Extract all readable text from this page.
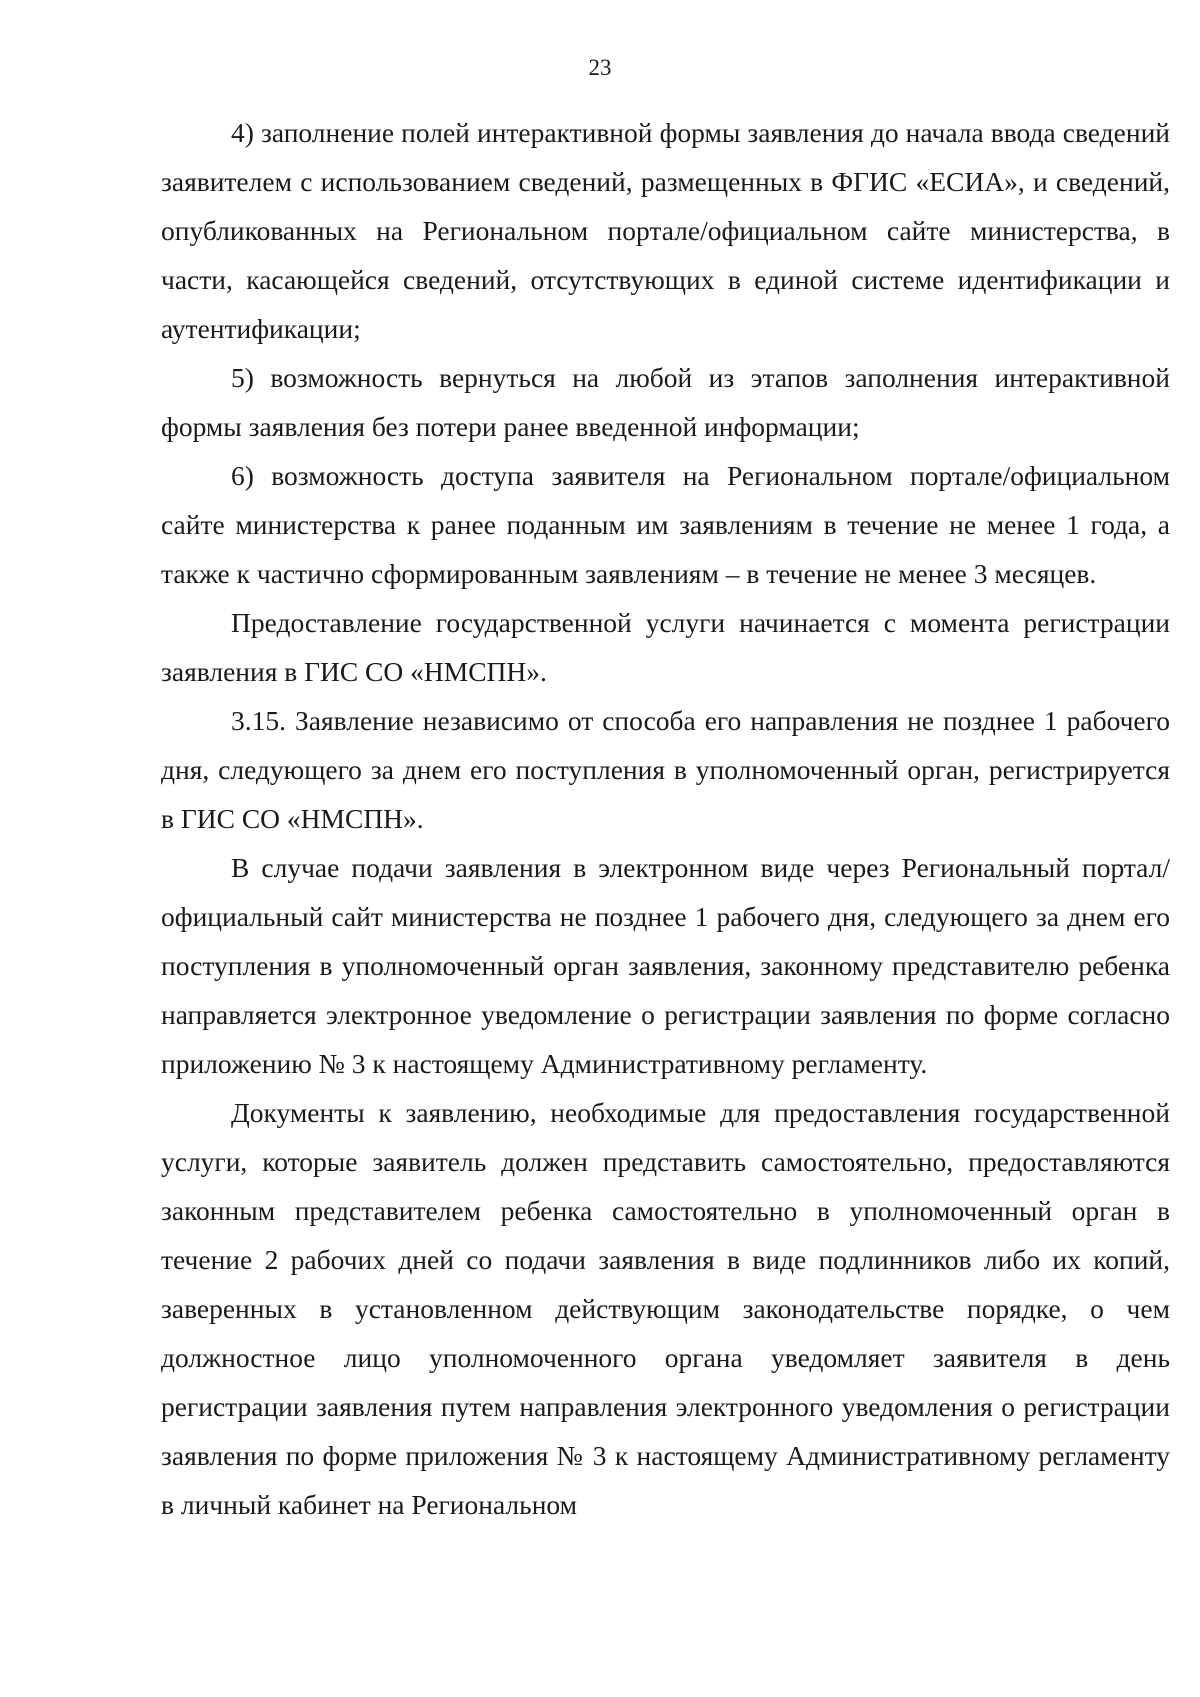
23

4) заполнение полей интерактивной формы заявления до начала ввода сведений заявителем с использованием сведений, размещенных в ФГИС «ЕСИА», и сведений, опубликованных на Региональном портале/официальном сайте министерства, в части, касающейся сведений, отсутствующих в единой системе идентификации и аутентификации;

5) возможность вернуться на любой из этапов заполнения интерактивной формы заявления без потери ранее введенной информации;

6) возможность доступа заявителя на Региональном портале/официальном сайте министерства к ранее поданным им заявлениям в течение не менее 1 года, а также к частично сформированным заявлениям – в течение не менее 3 месяцев.

Предоставление государственной услуги начинается с момента регистрации заявления в ГИС СО «НМСПН».

3.15. Заявление независимо от способа его направления не позднее 1 рабочего дня, следующего за днем его поступления в уполномоченный орган, регистрируется в ГИС СО «НМСПН».

В случае подачи заявления в электронном виде через Региональный портал/официальный сайт министерства не позднее 1 рабочего дня, следующего за днем его поступления в уполномоченный орган заявления, законному представителю ребенка направляется электронное уведомление о регистрации заявления по форме согласно приложению № 3 к настоящему Административному регламенту.

Документы к заявлению, необходимые для предоставления государственной услуги, которые заявитель должен представить самостоятельно, предоставляются законным представителем ребенка самостоятельно в уполномоченный орган в течение 2 рабочих дней со подачи заявления в виде подлинников либо их копий, заверенных в установленном действующим законодательстве порядке, о чем должностное лицо уполномоченного органа уведомляет заявителя в день регистрации заявления путем направления электронного уведомления о регистрации заявления по форме приложения № 3 к настоящему Административному регламенту в личный кабинет на Региональном
